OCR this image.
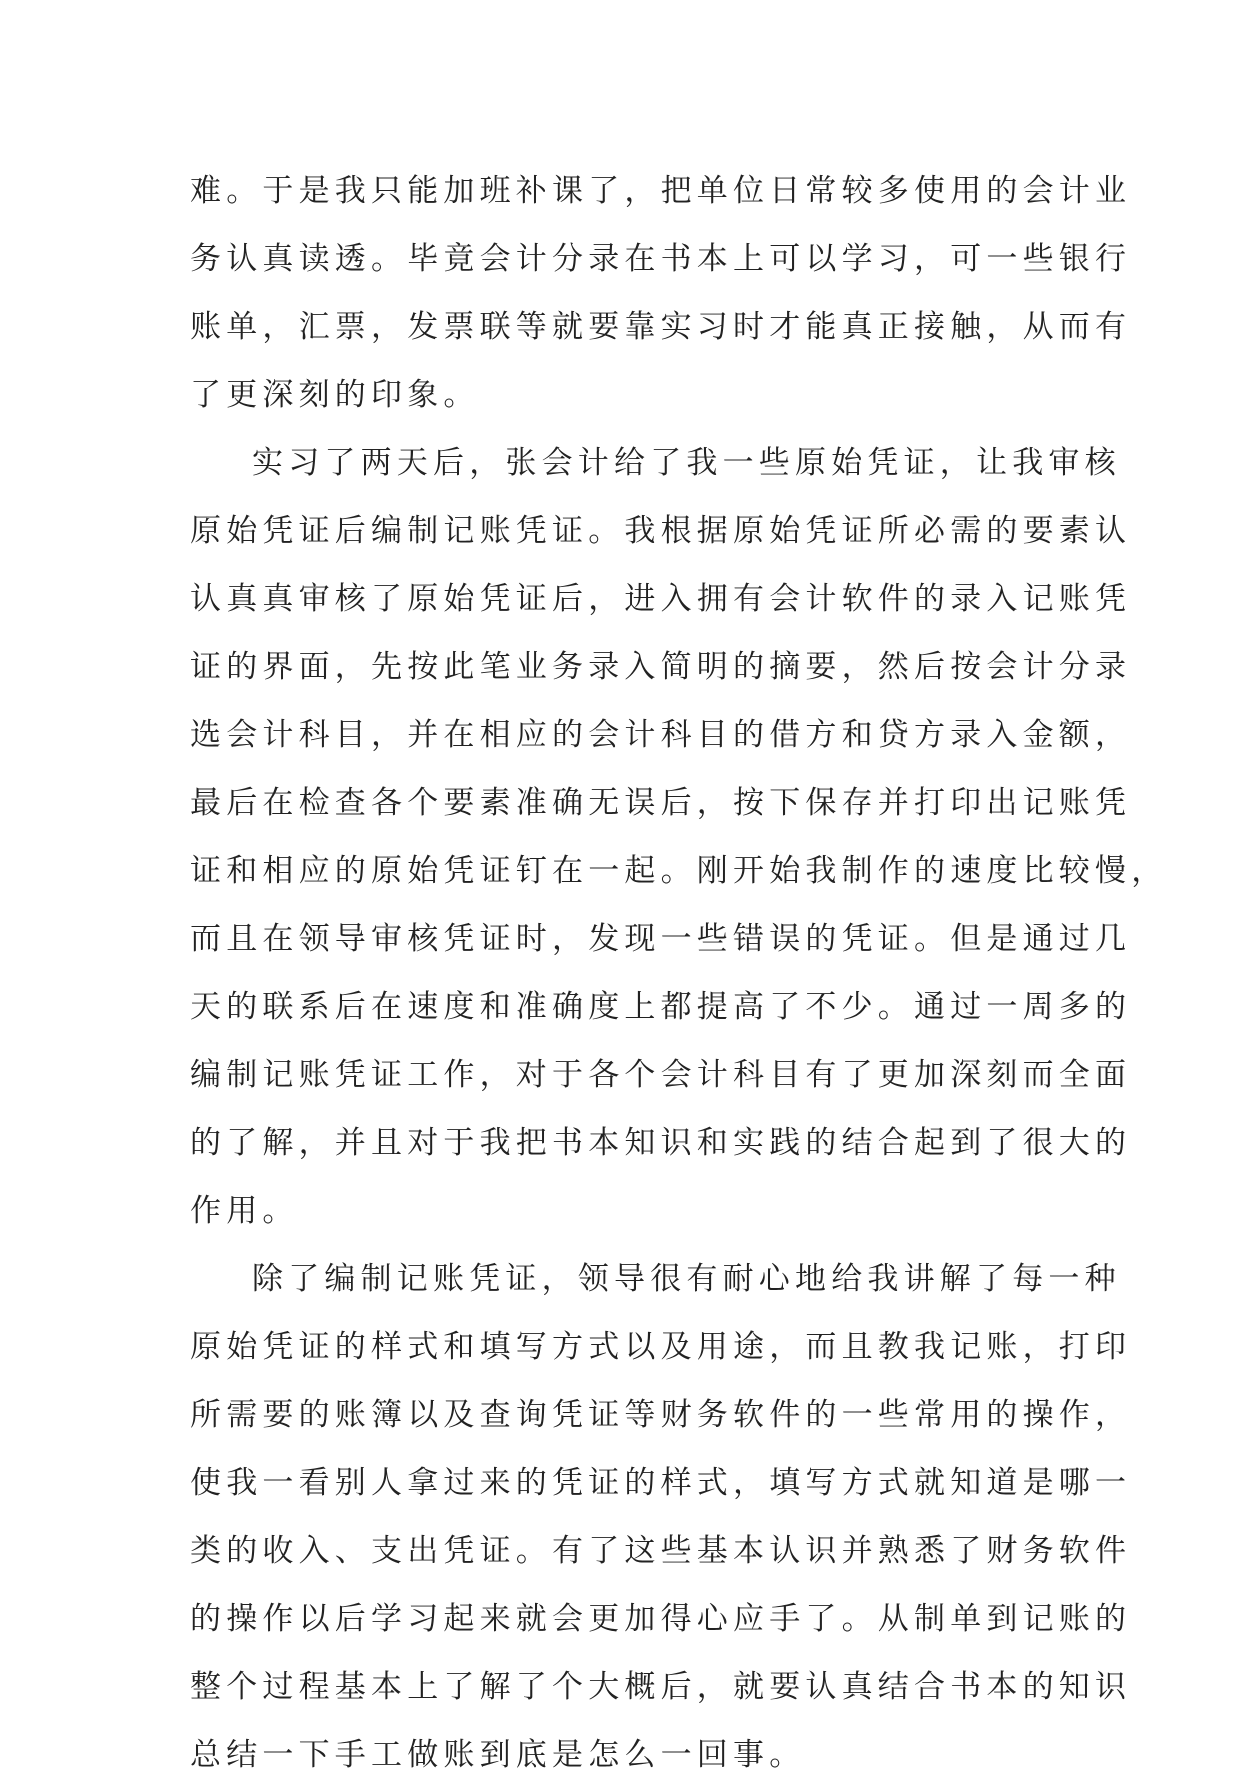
难。于是我只能加班补课了，把单位日常较多使用的会计业
务认真读透。毕竟会计分录在书本上可以学习，可一些银行
账单，汇票，发票联等就要靠实习时才能真正接触，从而有
了更深刻的印象。
实习了两天后，张会计给了我一些原始凭证，让我审核
原始凭证后编制记账凭证。我根据原始凭证所必需的要素认
认真真审核了原始凭证后，进入拥有会计软件的录入记账凭
证的界面，先按此笔业务录入简明的摘要，然后按会计分录
选会计科目，并在相应的会计科目的借方和贷方录入金额，
最后在检查各个要素准确无误后，按下保存并打印出记账凭
证和相应的原始凭证钉在一起。刚开始我制作的速度比较慢，
而且在领导审核凭证时，发现一些错误的凭证。但是通过几
天的联系后在速度和准确度上都提高了不少。通过一周多的
编制记账凭证工作，对于各个会计科目有了更加深刻而全面
的了解，并且对于我把书本知识和实践的结合起到了很大的
作用。
除了编制记账凭证，领导很有耐心地给我讲解了每一种
原始凭证的样式和填写方式以及用途，而且教我记账，打印
所需要的账簿以及查询凭证等财务软件的一些常用的操作，
使我一看别人拿过来的凭证的样式，填写方式就知道是哪一
类的收入、支出凭证。有了这些基本认识并熟悉了财务软件
的操作以后学习起来就会更加得心应手了。从制单到记账的
整个过程基本上了解了个大概后，就要认真结合书本的知识
总结一下手工做账到底是怎么一回事。
